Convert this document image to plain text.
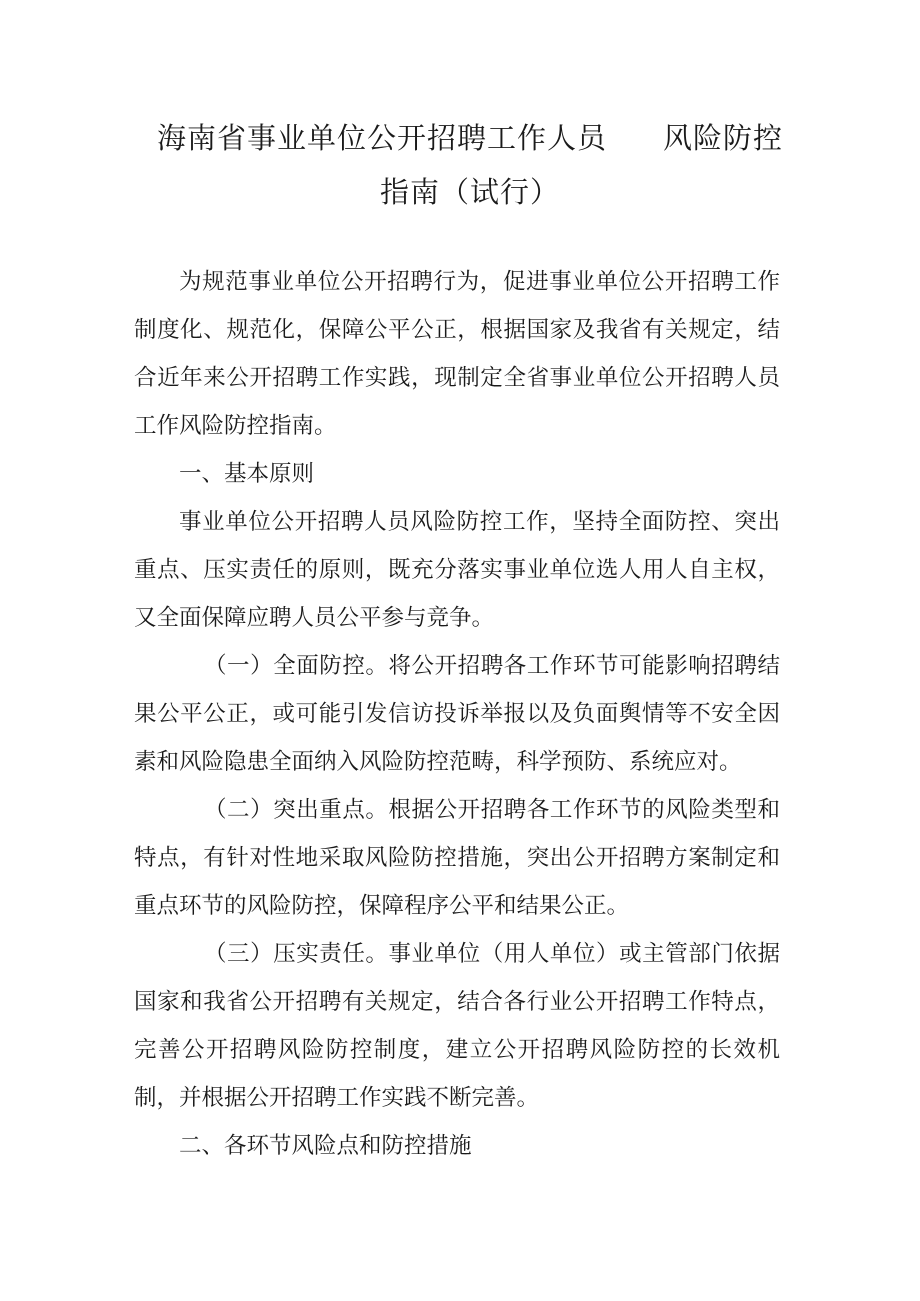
海南省事业单位公开招聘工作人员 风险防控
指南（试行）

为规范事业单位公开招聘行为，促进事业单位公开招聘工作制度化、规范化，保障公平公正，根据国家及我省有关规定，结合近年来公开招聘工作实践，现制定全省事业单位公开招聘人员工作风险防控指南。

一、基本原则

事业单位公开招聘人员风险防控工作，坚持全面防控、突出重点、压实责任的原则，既充分落实事业单位选人用人自主权，又全面保障应聘人员公平参与竞争。

（一）全面防控。将公开招聘各工作环节可能影响招聘结果公平公正，或可能引发信访投诉举报以及负面舆情等不安全因素和风险隐患全面纳入风险防控范畴，科学预防、系统应对。

（二）突出重点。根据公开招聘各工作环节的风险类型和特点，有针对性地采取风险防控措施，突出公开招聘方案制定和重点环节的风险防控，保障程序公平和结果公正。

（三）压实责任。事业单位（用人单位）或主管部门依据国家和我省公开招聘有关规定，结合各行业公开招聘工作特点，完善公开招聘风险防控制度，建立公开招聘风险防控的长效机制，并根据公开招聘工作实践不断完善。

二、各环节风险点和防控措施
